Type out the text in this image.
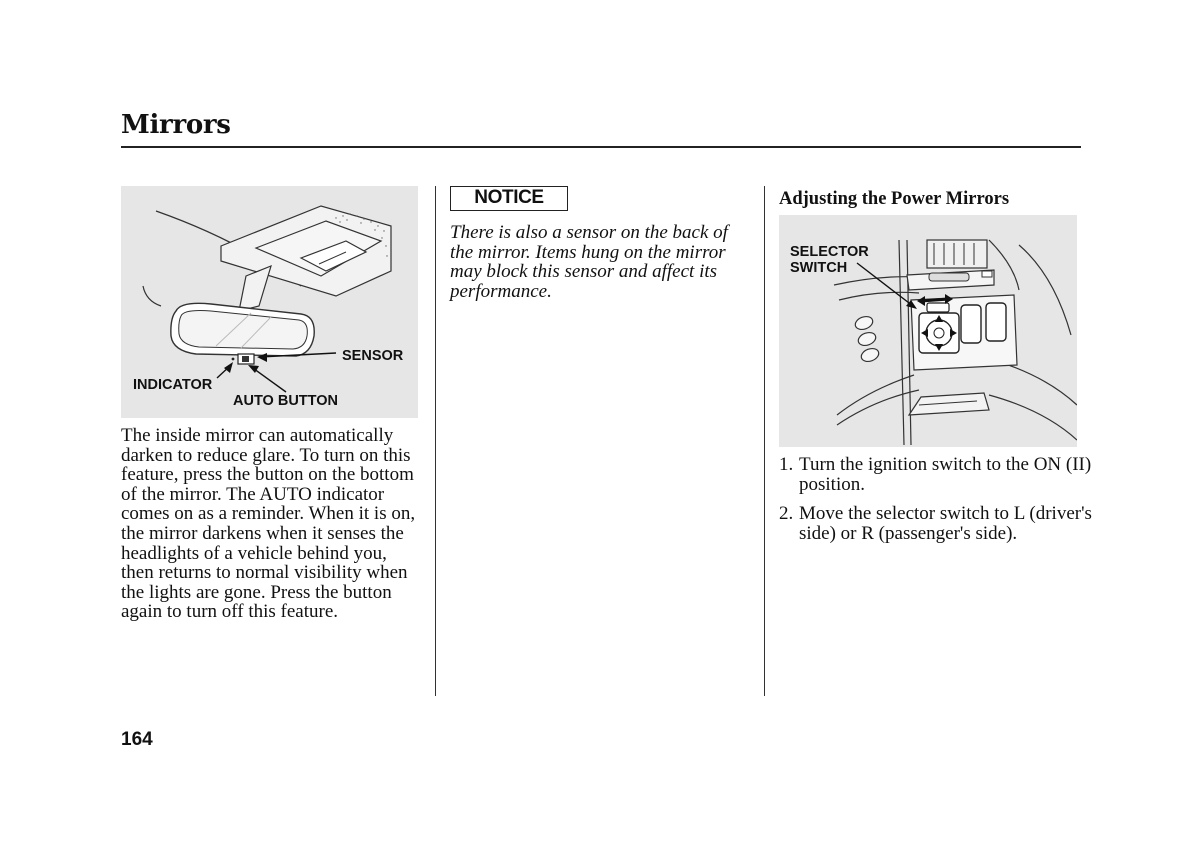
Mirrors
SENSOR
INDICATOR
AUTO BUTTON
The inside mirror can automatically darken to reduce glare. To turn on this feature, press the button on the bottom of the mirror. The AUTO indicator comes on as a reminder. When it is on, the mirror darkens when it senses the headlights of a vehicle behind you, then returns to normal visibility when the lights are gone. Press the button again to turn off this feature.
NOTICE
There is also a sensor on the back of the mirror. Items hung on the mirror may block this sensor and affect its performance.
Adjusting the Power Mirrors
SELECTOR
SWITCH
1. Turn the ignition switch to the ON (II) position.
2. Move the selector switch to L (driver's side) or R (passenger's side).
164
